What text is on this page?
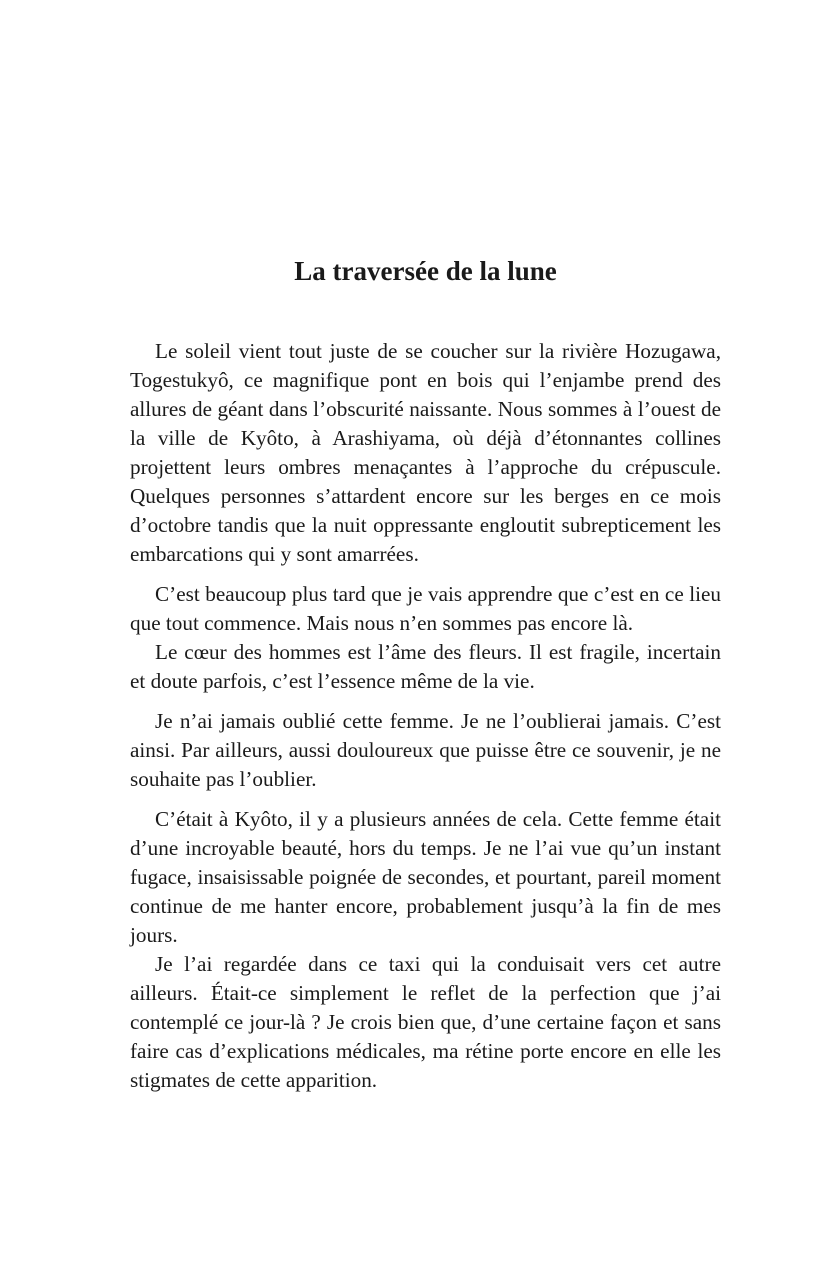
La traversée de la lune

Le soleil vient tout juste de se coucher sur la rivière Hozugawa, Togestukyô, ce magnifique pont en bois qui l’enjambe prend des allures de géant dans l’obscurité naissante. Nous sommes à l’ouest de la ville de Kyôto, à Arashiyama, où déjà d’étonnantes collines projettent leurs ombres menaçantes à l’approche du crépuscule. Quelques personnes s’attardent encore sur les berges en ce mois d’octobre tandis que la nuit oppressante engloutit subrepticement les embarcations qui y sont amarrées.

C’est beaucoup plus tard que je vais apprendre que c’est en ce lieu que tout commence. Mais nous n’en sommes pas encore là.

Le cœur des hommes est l’âme des fleurs. Il est fragile, incertain et doute parfois, c’est l’essence même de la vie.

Je n’ai jamais oublié cette femme. Je ne l’oublierai jamais. C’est ainsi. Par ailleurs, aussi douloureux que puisse être ce souvenir, je ne souhaite pas l’oublier.

C’était à Kyôto, il y a plusieurs années de cela. Cette femme était d’une incroyable beauté, hors du temps. Je ne l’ai vue qu’un instant fugace, insaisissable poignée de secondes, et pourtant, pareil moment continue de me hanter encore, probablement jusqu’à la fin de mes jours.

Je l’ai regardée dans ce taxi qui la conduisait vers cet autre ailleurs. Était-ce simplement le reflet de la perfection que j’ai contemplé ce jour-là ? Je crois bien que, d’une certaine façon et sans faire cas d’explications médicales, ma rétine porte encore en elle les stigmates de cette apparition.
